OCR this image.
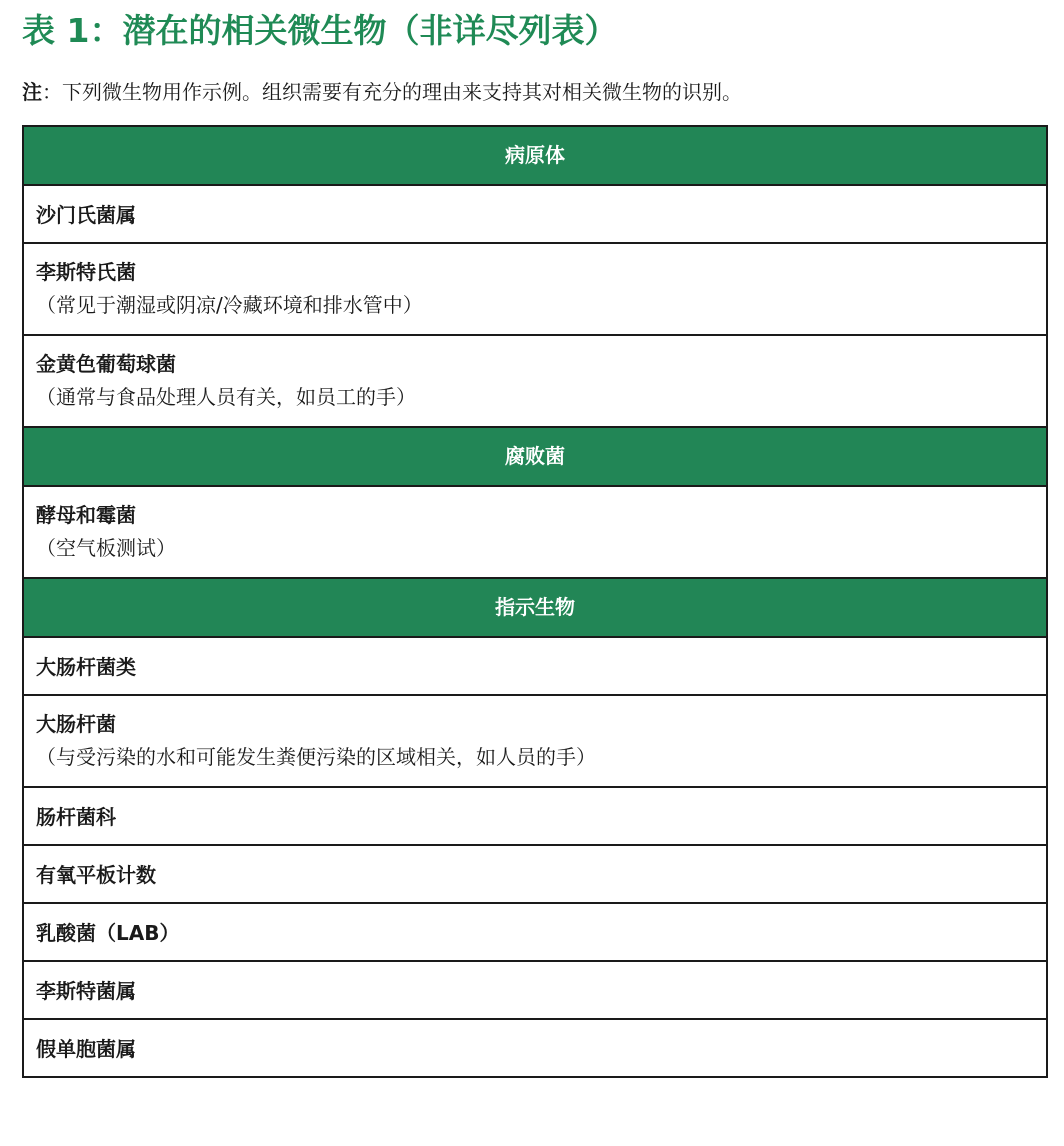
表 1：潜在的相关微生物（非详尽列表）

注：下列微生物用作示例。组织需要有充分的理由来支持其对相关微生物的识别。

病原体
沙门氏菌属
李斯特氏菌
（常见于潮湿或阴凉/冷藏环境和排水管中）
金黄色葡萄球菌
（通常与食品处理人员有关，如员工的手）
腐败菌
酵母和霉菌
（空气板测试）
指示生物
大肠杆菌类
大肠杆菌
（与受污染的水和可能发生粪便污染的区域相关，如人员的手）
肠杆菌科
有氧平板计数
乳酸菌（LAB）
李斯特菌属
假单胞菌属
